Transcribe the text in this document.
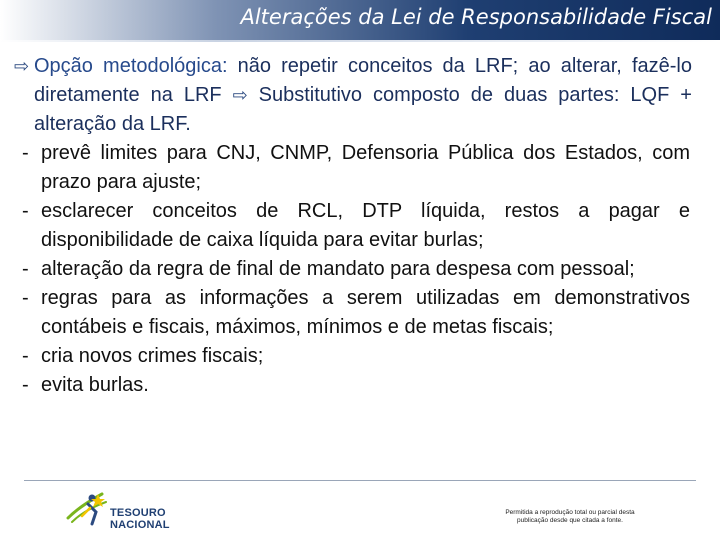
Alterações da Lei de Responsabilidade Fiscal
⇨ Opção metodológica: não repetir conceitos da LRF; ao alterar, fazê-lo diretamente na LRF ⇨ Substitutivo composto de duas partes: LQF + alteração da LRF.
- prevê limites para CNJ, CNMP, Defensoria Pública dos Estados, com prazo para ajuste;
- esclarecer conceitos de RCL, DTP líquida, restos a pagar e disponibilidade de caixa líquida para evitar burlas;
- alteração da regra de final de mandato para despesa com pessoal;
- regras para as informações a serem utilizadas em demonstrativos contábeis e fiscais, máximos, mínimos e de metas fiscais;
- cria novos crimes fiscais;
- evita burlas.
TESOURO NACIONAL
Permitida a reprodução total ou parcial desta
publicação desde que citada a fonte.
